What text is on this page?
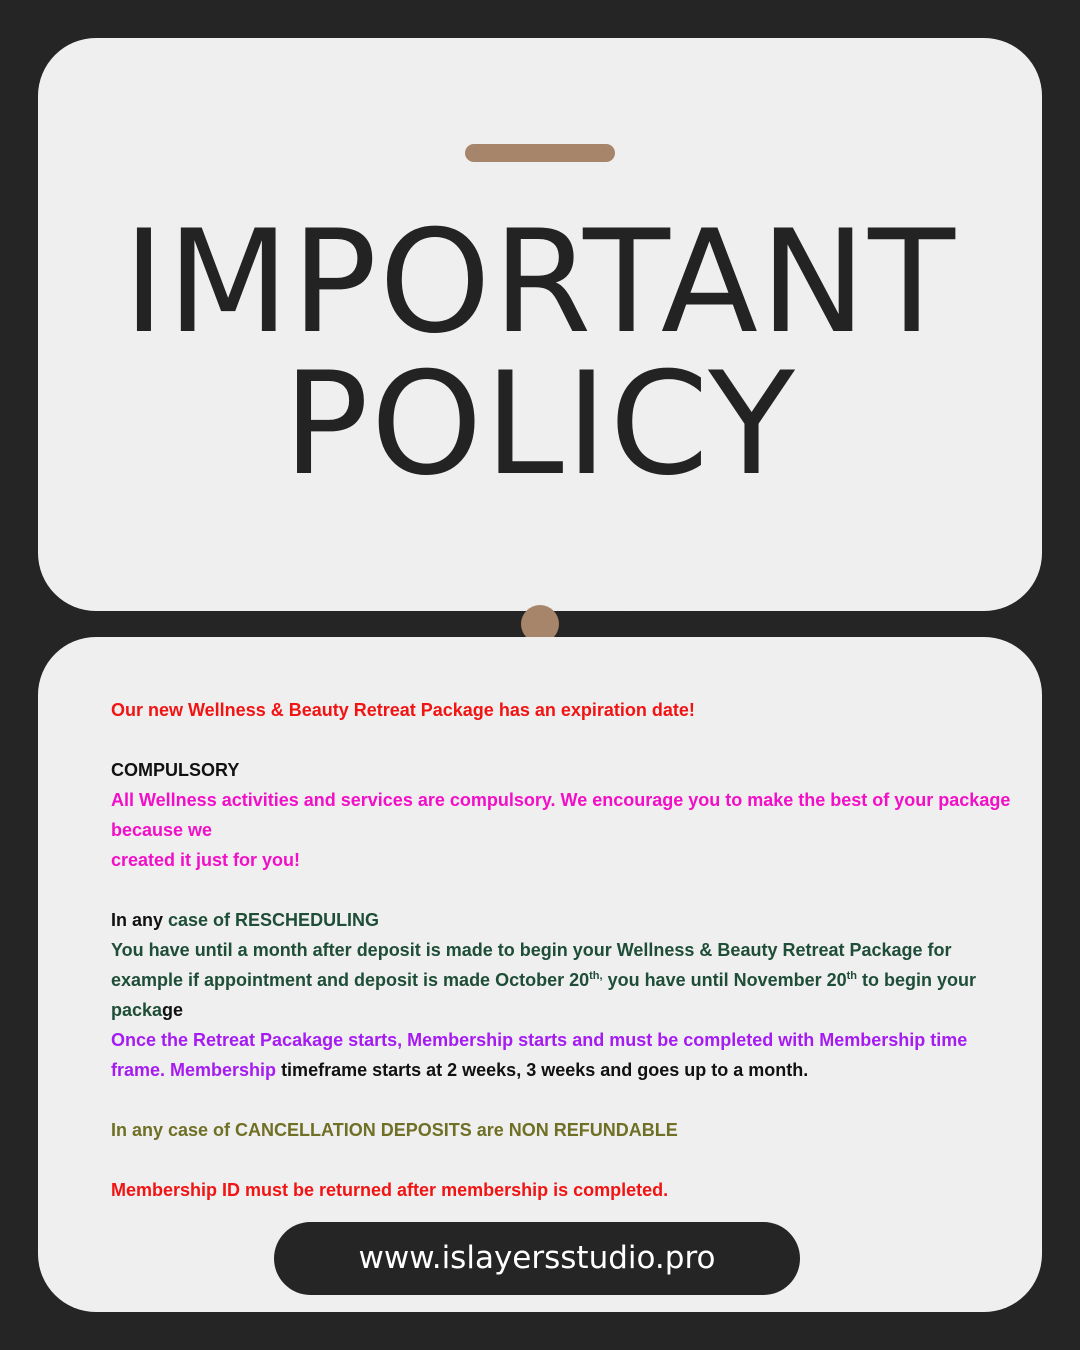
IMPORTANT
POLICY

Our new Wellness & Beauty Retreat Package has an expiration date!

COMPULSORY

All Wellness activities and services are compulsory. We encourage you to make the best of your package because we

created it just for you!

In any case of RESCHEDULING

You have until a month after deposit is made to begin your Wellness & Beauty Retreat Package for example if appointment and deposit is made October $20^{th,}$ you have until November 20th to begin your package

Once the Retreat Pacakage starts, Membership starts and must be completed with Membership time frame. Membership timeframe starts at 2 weeks, 3 weeks and goes up to a month.

In any case of CANCELLATION DEPOSITS are NON REFUNDABLE

Membership ID must be returned after membership is completed.

www.islayersstudio.pro
